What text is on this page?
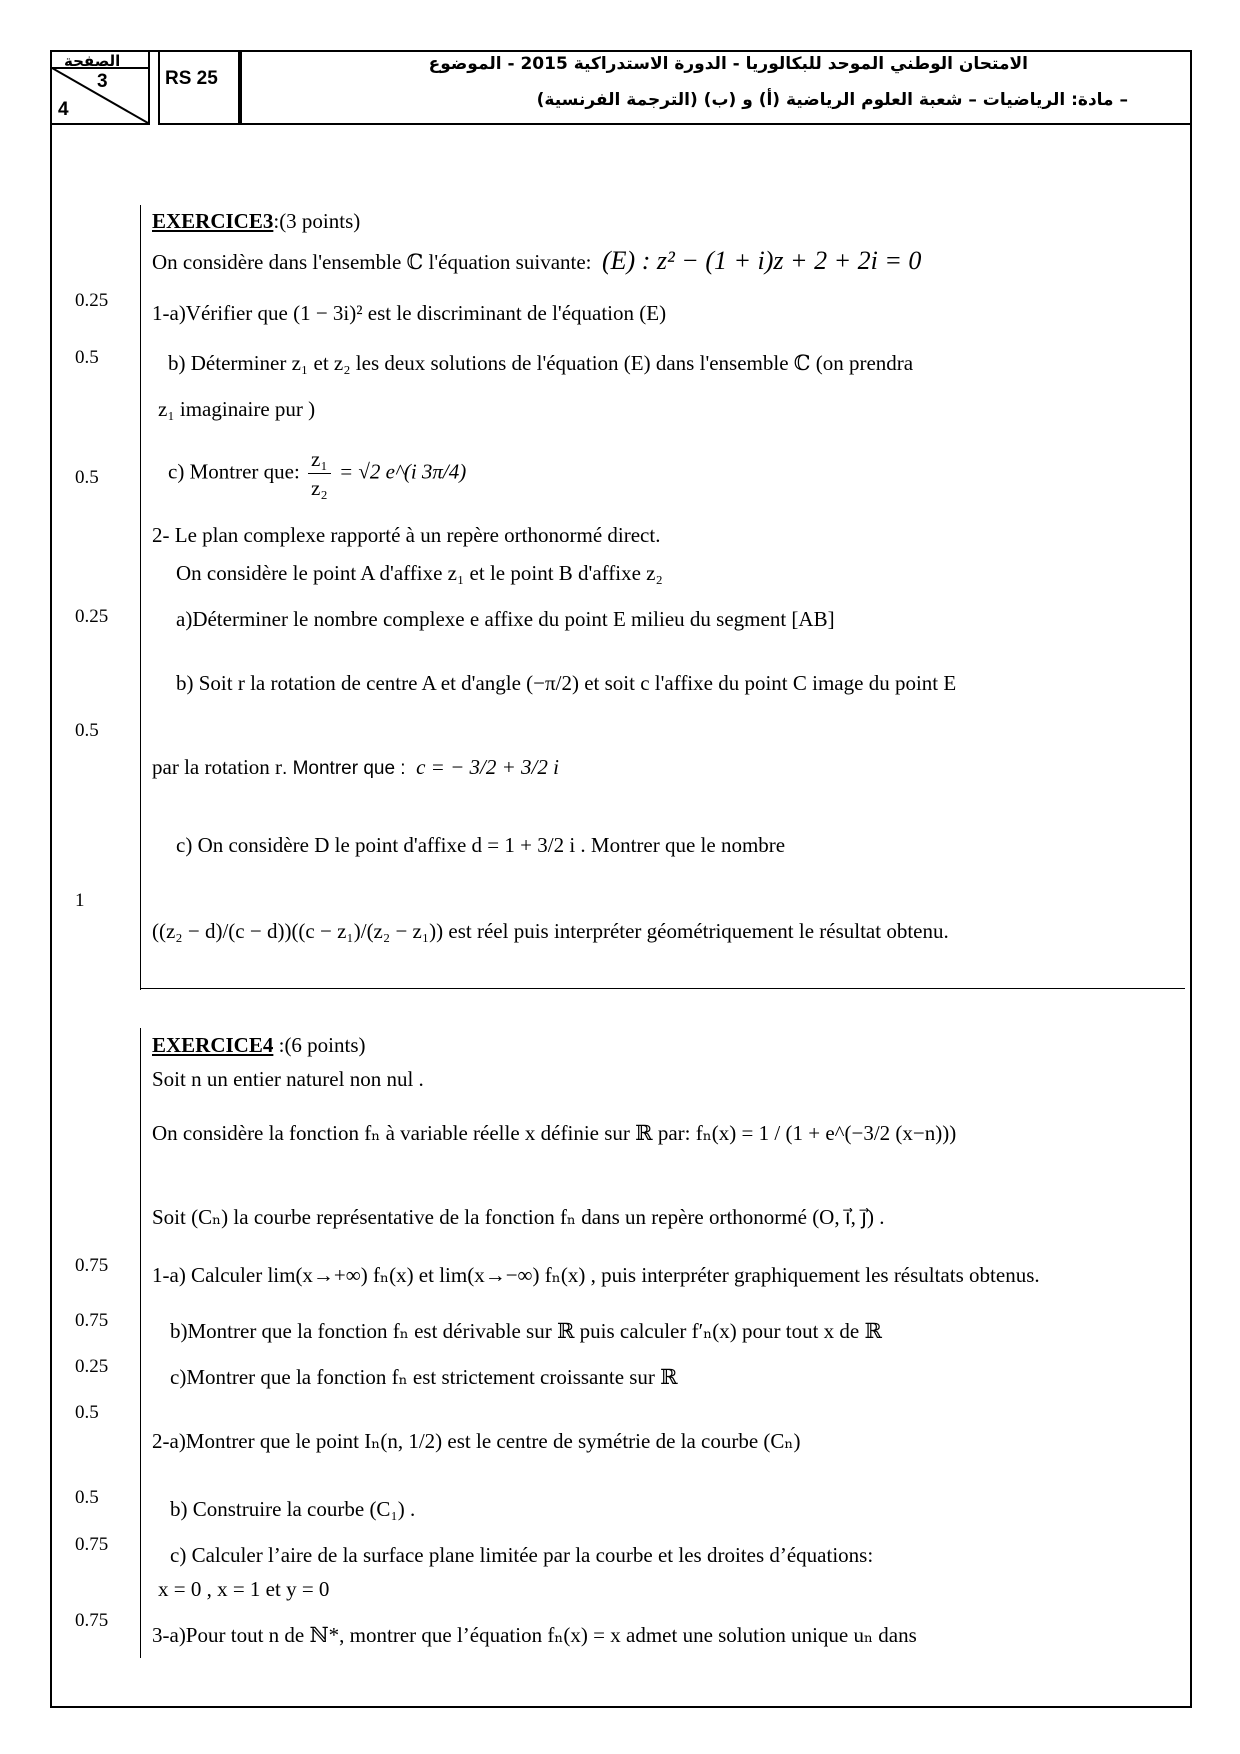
الصفحة
3
4
RS 25
الامتحان الوطني الموحد للبكالوريا - الدورة الاستدراكية 2015 - الموضوع
– مادة: الرياضيات – شعبة العلوم الرياضية (أ) و (ب) (الترجمة الفرنسية)
0.25
0.5
0.5
0.25
0.5
1
EXERCICE3:(3 points)
On considère dans l'ensemble ℂ l'équation suivante: (E) : z² − (1 + i)z + 2 + 2i = 0
1-a)Vérifier que (1 − 3i)² est le discriminant de l'équation (E)
b) Déterminer z₁ et z₂ les deux solutions de l'équation (E) dans l'ensemble ℂ (on prendra
z₁ imaginaire pur )
c) Montrer que: $\frac{\text{z₁}}{\text{z₂}} = √2$ e^(i 3π/4)
2- Le plan complexe rapporté à un repère orthonormé direct.
On considère le point A d'affixe z₁ et le point B d'affixe z₂
a)Déterminer le nombre complexe e affixe du point E milieu du segment [AB]
b) Soit r la rotation de centre A et d'angle (−π/2) et soit c l'affixe du point C image du point E
par la rotation r. Montrer que : c = − 3/2 + 3/2 i
c) On considère D le point d'affixe d = 1 + 3/2 i . Montrer que le nombre
((z₂ − d)/(c − d))((c − z₁)/(z₂ − z₁)) est réel puis interpréter géométriquement le résultat obtenu.
0.75
0.75
0.25
0.5
0.5
0.75
0.75
EXERCICE4 :(6 points)
Soit n un entier naturel non nul .
On considère la fonction fₙ à variable réelle x définie sur ℝ par: fₙ(x) = 1 / (1 + e^(−3/2 (x−n)))
Soit (Cₙ) la courbe représentative de la fonction fₙ dans un repère orthonormé (O, i⃗, j⃗) .
1-a) Calculer lim(x→+∞) fₙ(x) et lim(x→−∞) fₙ(x) , puis interpréter graphiquement les résultats obtenus.
b)Montrer que la fonction fₙ est dérivable sur ℝ puis calculer f′ₙ(x) pour tout x de ℝ
c)Montrer que la fonction fₙ est strictement croissante sur ℝ
2-a)Montrer que le point Iₙ(n, 1/2) est le centre de symétrie de la courbe (Cₙ)
b) Construire la courbe (C₁) .
c) Calculer l’aire de la surface plane limitée par la courbe et les droites d’équations:
x = 0 , x = 1 et y = 0
3-a)Pour tout n de ℕ*, montrer que l’équation fₙ(x) = x admet une solution unique uₙ dans
